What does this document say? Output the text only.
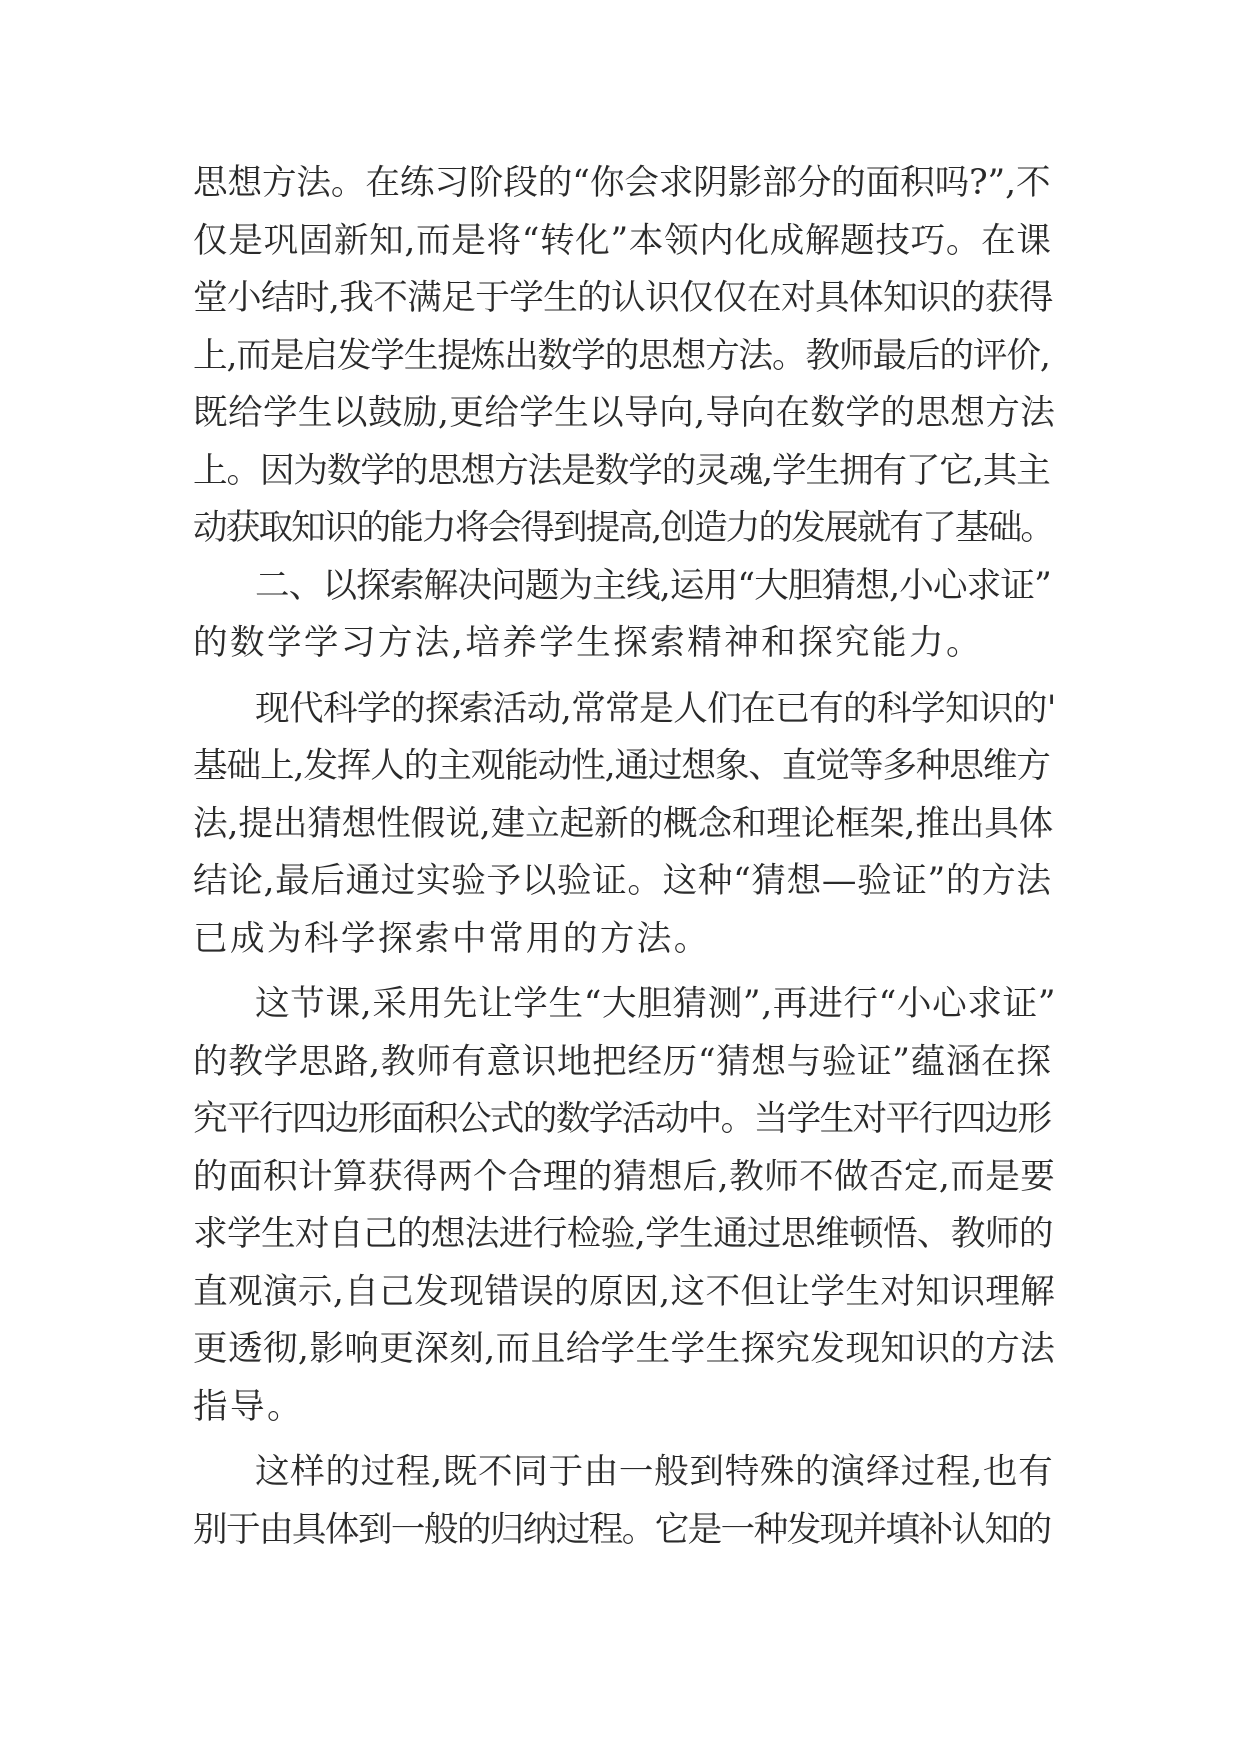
思想方法。在练习阶段的“你会求阴影部分的面积吗?”,不

仅是巩固新知,而是将“转化”本领内化成解题技巧。在课

堂小结时,我不满足于学生的认识仅仅在对具体知识的获得

上,而是启发学生提炼出数学的思想方法。教师最后的评价,

既给学生以鼓励,更给学生以导向,导向在数学的思想方法

上。因为数学的思想方法是数学的灵魂,学生拥有了它,其主

动获取知识的能力将会得到提高,创造力的发展就有了基础。

二、以探索解决问题为主线,运用“大胆猜想,小心求证”

的数学学习方法,培养学生探索精神和探究能力。

现代科学的探索活动,常常是人们在已有的科学知识的'

基础上,发挥人的主观能动性,通过想象、直觉等多种思维方

法,提出猜想性假说,建立起新的概念和理论框架,推出具体

结论,最后通过实验予以验证。这种“猜想—验证”的方法

已成为科学探索中常用的方法。

这节课,采用先让学生“大胆猜测”,再进行“小心求证”

的教学思路,教师有意识地把经历“猜想与验证”蕴涵在探

究平行四边形面积公式的数学活动中。当学生对平行四边形

的面积计算获得两个合理的猜想后,教师不做否定,而是要

求学生对自己的想法进行检验,学生通过思维顿悟、教师的

直观演示,自己发现错误的原因,这不但让学生对知识理解

更透彻,影响更深刻,而且给学生学生探究发现知识的方法

指导。

这样的过程,既不同于由一般到特殊的演绎过程,也有

别于由具体到一般的归纳过程。它是一种发现并填补认知的
